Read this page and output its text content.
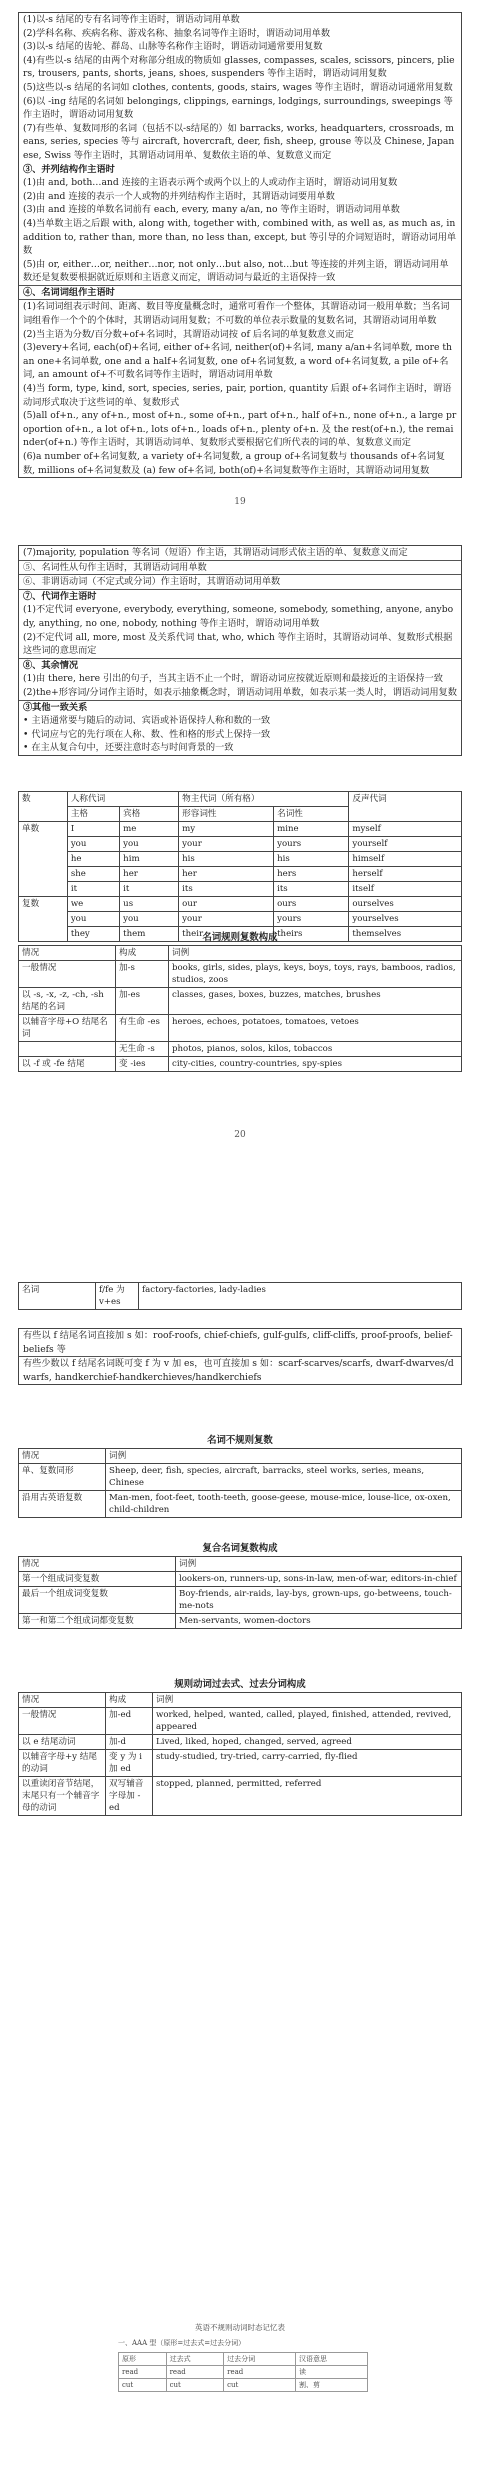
(1)以-s 结尾的专有名词等作主语时，谓语动词用单数
(2)学科名称、疾病名称、游戏名称、抽象名词等作主语时，谓语动词用单数
(3)以-s 结尾的齿轮、群岛、山脉等名称作主语时，谓语动词通常要用复数
(4)有些以-s 结尾的由两个对称部分组成的物质如 glasses, compasses, scales, scissors, pincers, pliers, trousers, pants, shorts, jeans, shoes, suspenders 等作主语时，谓语动词用复数
(5)这些以-s 结尾的名词如 clothes, contents, goods, stairs, wages 等作主语时，谓语动词通常用复数
(6)以 -ing 结尾的名词如 belongings, clippings, earnings, lodgings, surroundings, sweepings 等作主语时，谓语动词用复数
(7)有些单、复数同形的名词（包括不以-s结尾的）如 barracks, works, headquarters, crossroads, means, series, species 等与 aircraft, hovercraft, deer, fish, sheep, grouse 等以及 Chinese, Japanese, Swiss 等作主语时，其谓语动词用单、复数依主语的单、复数意义而定
③、并列结构作主语时
(1)由 and, both…and 连接的主语表示两个或两个以上的人或动作主语时，谓语动词用复数
(2)由 and 连接的表示一个人或物的并列结构作主语时，其谓语动词要用单数
(3)由 and 连接的单数名词前有 each, every, many a/an, no 等作主语时，谓语动词用单数
(4)当单数主语之后跟 with, along with, together with, combined with, as well as, as much as, in addition to, rather than, more than, no less than, except, but 等引导的介词短语时，谓语动词用单数
(5)由 or, either…or, neither…nor, not only…but also, not…but 等连接的并列主语，谓语动词用单数还是复数要根据就近原则和主语意义而定，谓语动词与最近的主语保持一致
④、名词词组作主语时
(1)名词词组表示时间、距离、数目等度量概念时，通常可看作一个整体，其谓语动词一般用单数；当名词词组看作一个个的个体时，其谓语动词用复数；不可数的单位表示数量的复数名词，其谓语动词用单数
(2)当主语为分数/百分数+of+名词时，其谓语动词按 of 后名词的单复数意义而定
(3)every+名词, each(of)+名词, either of+名词, neither(of)+名词, many a/an+名词单数, more than one+名词单数, one and a half+名词复数, one of+名词复数, a word of+名词复数, a pile of+名词, an amount of+不可数名词等作主语时，谓语动词用单数
(4)当 form, type, kind, sort, species, series, pair, portion, quantity 后跟 of+名词作主语时，谓语动词形式取决于这些词的单、复数形式
(5)all of+n., any of+n., most of+n., some of+n., part of+n., half of+n., none of+n., a large proportion of+n., a lot of+n., lots of+n., loads of+n., plenty of+n. 及 the rest(of+n.), the remainder(of+n.) 等作主语时，其谓语动词单、复数形式要根据它们所代表的词的单、复数意义而定
(6)a number of+名词复数, a variety of+名词复数, a group of+名词复数与 thousands of+名词复数, millions of+名词复数及 (a) few of+名词, both(of)+名词复数等作主语时，其谓语动词用复数
19
(7)majority, population 等名词（短语）作主语，其谓语动词形式依主语的单、复数意义而定
⑤、名词性从句作主语时，其谓语动词用单数
⑥、非谓语动词（不定式或分词）作主语时，其谓语动词用单数
⑦、代词作主语时
(1)不定代词 everyone, everybody, everything, someone, somebody, something, anyone, anybody, anything, no one, nobody, nothing 等作主语时，谓语动词用单数
(2)不定代词 all, more, most 及关系代词 that, who, which 等作主语时，其谓语动词单、复数形式根据这些词的意思而定
⑧、其余情况
(1)由 there, here 引出的句子，当其主语不止一个时，谓语动词应按就近原则和最接近的主语保持一致
(2)the+形容词/分词作主语时，如表示抽象概念时，谓语动词用单数，如表示某一类人时，谓语动词用复数
③其他一致关系
• 主语通常要与随后的动词、宾语或补语保持人称和数的一致
• 代词应与它的先行项在人称、数、性和格的形式上保持一致
• 在主从复合句中，还要注意时态与时间背景的一致
数	人称代词		物主代词（所有格）		反声代词
	主格	宾格	形容词性	名词性	
单数	I	me	my	mine	myself
	you	you	your	yours	yourself
	he	him	his	his	himself
	she	her	her	hers	herself
	it	it	its	its	itself
复数	we	us	our	ours	ourselves
	you	you	your	yours	yourselves
	they	them	their	theirs	themselves
名词规则复数构成
情况	构成	词例
一般情况	加-s	books, girls, sides, plays, keys, boys, toys, rays, bamboos, radios, studios, zoos
以 -s, -x, -z, -ch, -sh 结尾的名词	加-es	classes, gases, boxes, buzzes, matches, brushes
以辅音字母+O 结尾名词	有生命 -es	heroes, echoes, potatoes, tomatoes, vetoes
	无生命 -s	photos, pianos, solos, kilos, tobaccos
以 -f 或 -fe 结尾	变 -ies	city-cities, country-countries, spy-spies
20
名词	f/fe 为 v+es	factory-factories, lady-ladies
有些以 f 结尾名词直接加 s 如：roof-roofs, chief-chiefs, gulf-gulfs, cliff-cliffs, proof-proofs, belief-beliefs 等
有些少数以 f 结尾名词既可变 f 为 v 加 es，也可直接加 s 如：scarf-scarves/scarfs, dwarf-dwarves/dwarfs, handkerchief-handkerchieves/handkerchiefs
名词不规则复数
情况	词例
单、复数同形	Sheep, deer, fish, species, aircraft, barracks, steel works, series, means, Chinese
沿用古英语复数	Man-men, foot-feet, tooth-teeth, goose-geese, mouse-mice, louse-lice, ox-oxen, child-children
复合名词复数构成
情况	词例
第一个组成词变复数	lookers-on, runners-up, sons-in-law, men-of-war, editors-in-chief
最后一个组成词变复数	Boy-friends, air-raids, lay-bys, grown-ups, go-betweens, touch-me-nots
第一和第二个组成词都变复数	Men-servants, women-doctors
规则动词过去式、过去分词构成
情况	构成	词例
一般情况	加-ed	worked, helped, wanted, called, played, finished, attended, revived, appeared
以 e 结尾动词	加-d	Lived, liked, hoped, changed, served, agreed
以辅音字母+y 结尾的动词	变 y 为 i 加 ed	study-studied, try-tried, carry-carried, fly-flied
以重读闭音节结尾，末尾只有一个辅音字母的动词	双写辅音字母加 -ed	stopped, planned, permitted, referred
英语不规则动词时态记忆表
一、AAA 型（原形=过去式=过去分词）
原形	过去式	过去分词	汉语意思
read	read	read	读
cut	cut	cut	割、剪
